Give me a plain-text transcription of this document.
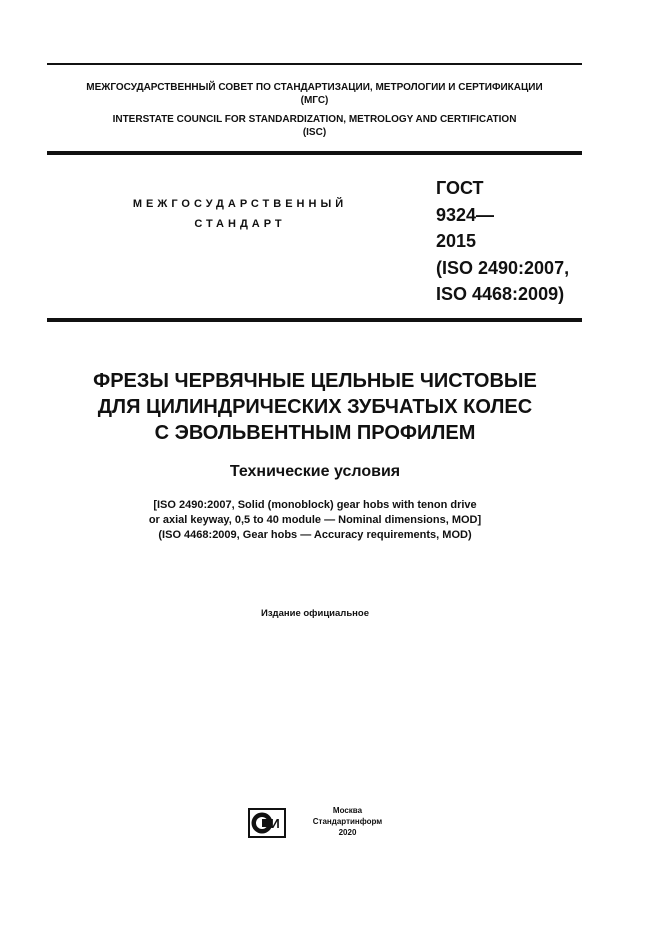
МЕЖГОСУДАРСТВЕННЫЙ СОВЕТ ПО СТАНДАРТИЗАЦИИ, МЕТРОЛОГИИ И СЕРТИФИКАЦИИ
(МГС)
INTERSTATE COUNCIL FOR STANDARDIZATION, METROLOGY AND CERTIFICATION
(ISC)
МЕЖГОСУДАРСТВЕННЫЙ
СТАНДАРТ
ГОСТ
9324—
2015
(ISO 2490:2007,
ISO 4468:2009)
ФРЕЗЫ ЧЕРВЯЧНЫЕ ЦЕЛЬНЫЕ ЧИСТОВЫЕ
ДЛЯ ЦИЛИНДРИЧЕСКИХ ЗУБЧАТЫХ КОЛЕС
С ЭВОЛЬВЕНТНЫМ ПРОФИЛЕМ
Технические условия
[ISO 2490:2007, Solid (monoblock) gear hobs with tenon drive
or axial keyway, 0,5 to 40 module — Nominal dimensions, MOD]
(ISO 4468:2009, Gear hobs — Accuracy requirements, MOD)
Издание официальное
И
Москва
Стандартинформ
2020
